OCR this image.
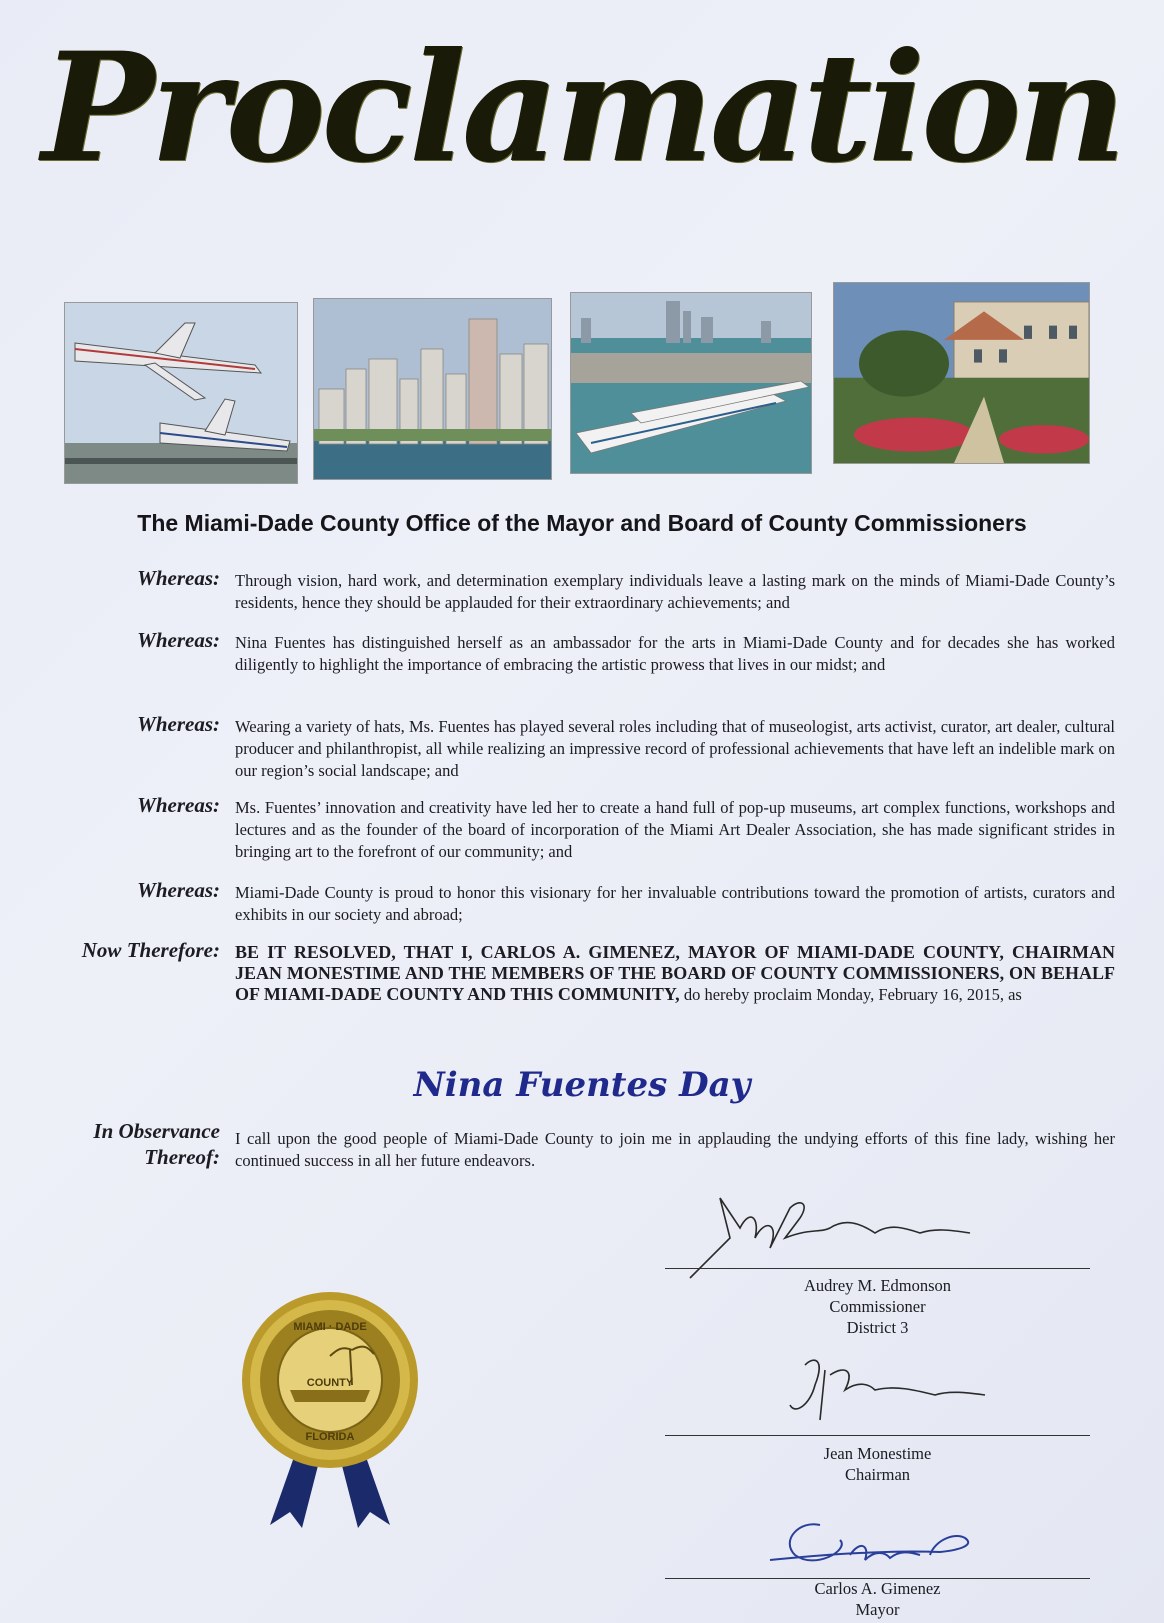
Proclamation
The Miami-Dade County Office of the Mayor and Board of County Commissioners
Whereas: Through vision, hard work, and determination exemplary individuals leave a lasting mark on the minds of Miami-Dade County’s residents, hence they should be applauded for their extraordinary achievements; and
Whereas: Nina Fuentes has distinguished herself as an ambassador for the arts in Miami-Dade County and for decades she has worked diligently to highlight the importance of embracing the artistic prowess that lives in our midst; and
Whereas: Wearing a variety of hats, Ms. Fuentes has played several roles including that of museologist, arts activist, curator, art dealer, cultural producer and philanthropist, all while realizing an impressive record of professional achievements that have left an indelible mark on our region’s social landscape; and
Whereas: Ms. Fuentes’ innovation and creativity have led her to create a hand full of pop-up museums, art complex functions, workshops and lectures and as the founder of the board of incorporation of the Miami Art Dealer Association, she has made significant strides in bringing art to the forefront of our community; and
Whereas: Miami-Dade County is proud to honor this visionary for her invaluable contributions toward the promotion of artists, curators and exhibits in our society and abroad;
Now Therefore: BE IT RESOLVED, THAT I, CARLOS A. GIMENEZ, MAYOR OF MIAMI-DADE COUNTY, CHAIRMAN JEAN MONESTIME AND THE MEMBERS OF THE BOARD OF COUNTY COMMISSIONERS, ON BEHALF OF MIAMI-DADE COUNTY AND THIS COMMUNITY, do hereby proclaim Monday, February 16, 2015, as
Nina Fuentes Day
In Observance
Thereof:
I call upon the good people of Miami-Dade County to join me in applauding the undying efforts of this fine lady, wishing her continued success in all her future endeavors.
Audrey M. Edmonson
Commissioner
District 3
Jean Monestime
Chairman
Carlos A. Gimenez
Mayor
MIAMI · DADE
COUNTY
FLORIDA
